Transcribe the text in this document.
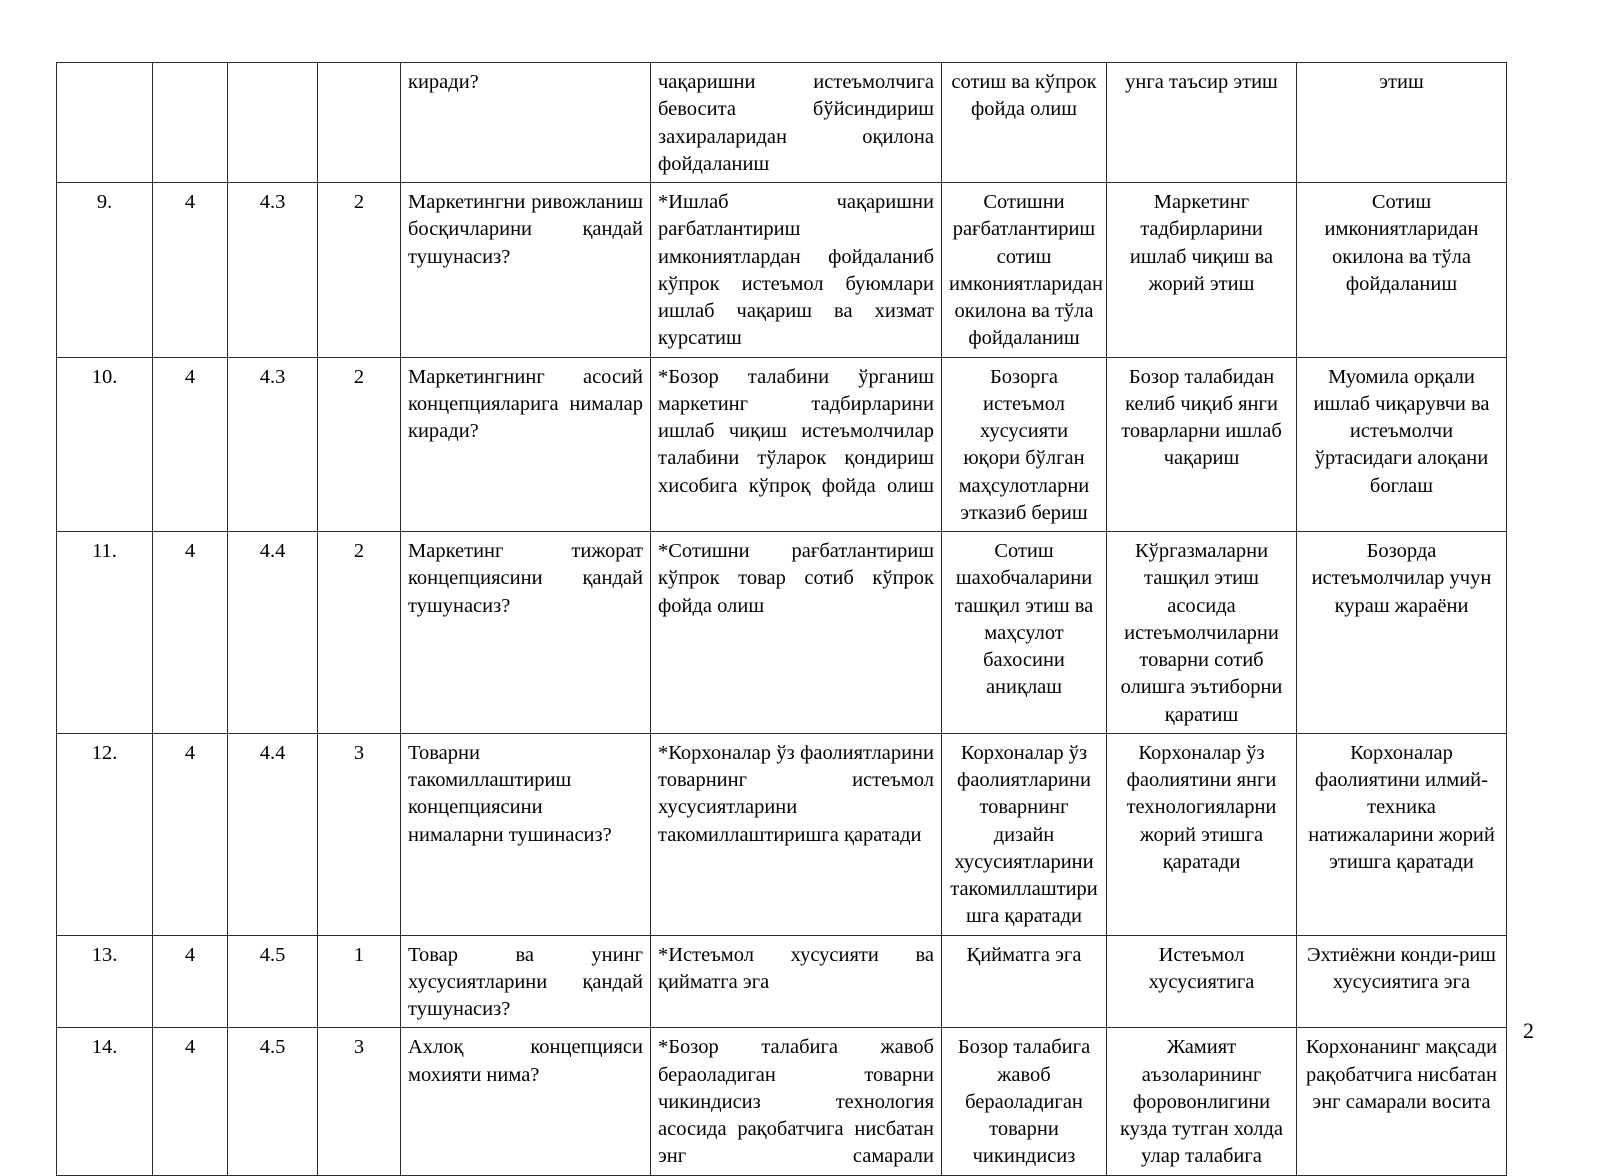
				киради?	чақаришни истеъмолчига бевосита бўйсиндириш захираларидан оқилона фойдаланиш	сотиш ва кўпрок фойда олиш	унга таъсир этиш	этиш
9.	4	4.3	2	Маркетингни ривожланиш босқичларини қандай тушунасиз?	*Ишлаб чақаришни рағбатлантириш имкониятлардан фойдаланиб кўпрок истеъмол буюмлари ишлаб чақариш ва хизмат курсатиш	Сотишни рағбатлантириш сотиш имкониятларидан окилона ва тўла фойдаланиш	Маркетинг тадбирларини ишлаб чиқиш ва жорий этиш	Сотиш имкониятларидан окилона ва тўла фойдаланиш
10.	4	4.3	2	Маркетингнинг асосий концепцияларига нималар киради?	*Бозор талабини ўрганиш маркетинг тадбирларини ишлаб чиқиш истеъмолчилар талабини тўларок қондириш хисобига кўпроқ фойда олиш	Бозорга истеъмол хусусияти юқори бўлган маҳсулотларни этказиб бериш	Бозор талабидан келиб чиқиб янги товарларни ишлаб чақариш	Муомила орқали ишлаб чиқарувчи ва истеъмолчи ўртасидаги алоқани боглаш
11.	4	4.4	2	Маркетинг тижорат концепциясини қандай тушунасиз?	*Сотишни рағбатлантириш кўпрок товар сотиб кўпрок фойда олиш	Сотиш шахобчаларини ташқил этиш ва маҳсулот бахосини аниқлаш	Кўргазмаларни ташқил этиш асосида истеъмолчиларни товарни сотиб олишга эътиборни қаратиш	Бозорда истеъмолчилар учун кураш жараёни
12.	4	4.4	3	Товарни такомиллаштириш концепциясини нималарни тушинасиз?	*Корхоналар ўз фаолиятларини товарнинг истеъмол хусусиятларини такомиллаштиришга қаратади	Корхоналар ўз фаолиятларини товарнинг дизайн хусусиятларини такомиллаштири шга қаратади	Корхоналар ўз фаолиятини янги технологияларни жорий этишга қаратади	Корхоналар фаолиятини илмий-техника натижаларини жорий этишга қаратади
13.	4	4.5	1	Товар ва унинг хусусиятларини қандай тушунасиз?	*Истеъмол хусусияти ва қийматга эга	Қийматга эга	Истеъмол хусусиятига	Эхтиёжни конди-риш хусусиятига эга
14.	4	4.5	3	Ахлоқ концепцияси мохияти нима?	*Бозор талабига жавоб бераоладиган товарни чикиндисиз технология асосида рақобатчига нисбатан энг самарали	Бозор талабига жавоб бераоладиган товарни чикиндисиз	Жамият аъзоларининг форовонлигини кузда тутган холда улар талабига	Корхонанинг мақсади рақобатчига нисбатан энг самарали восита
2
